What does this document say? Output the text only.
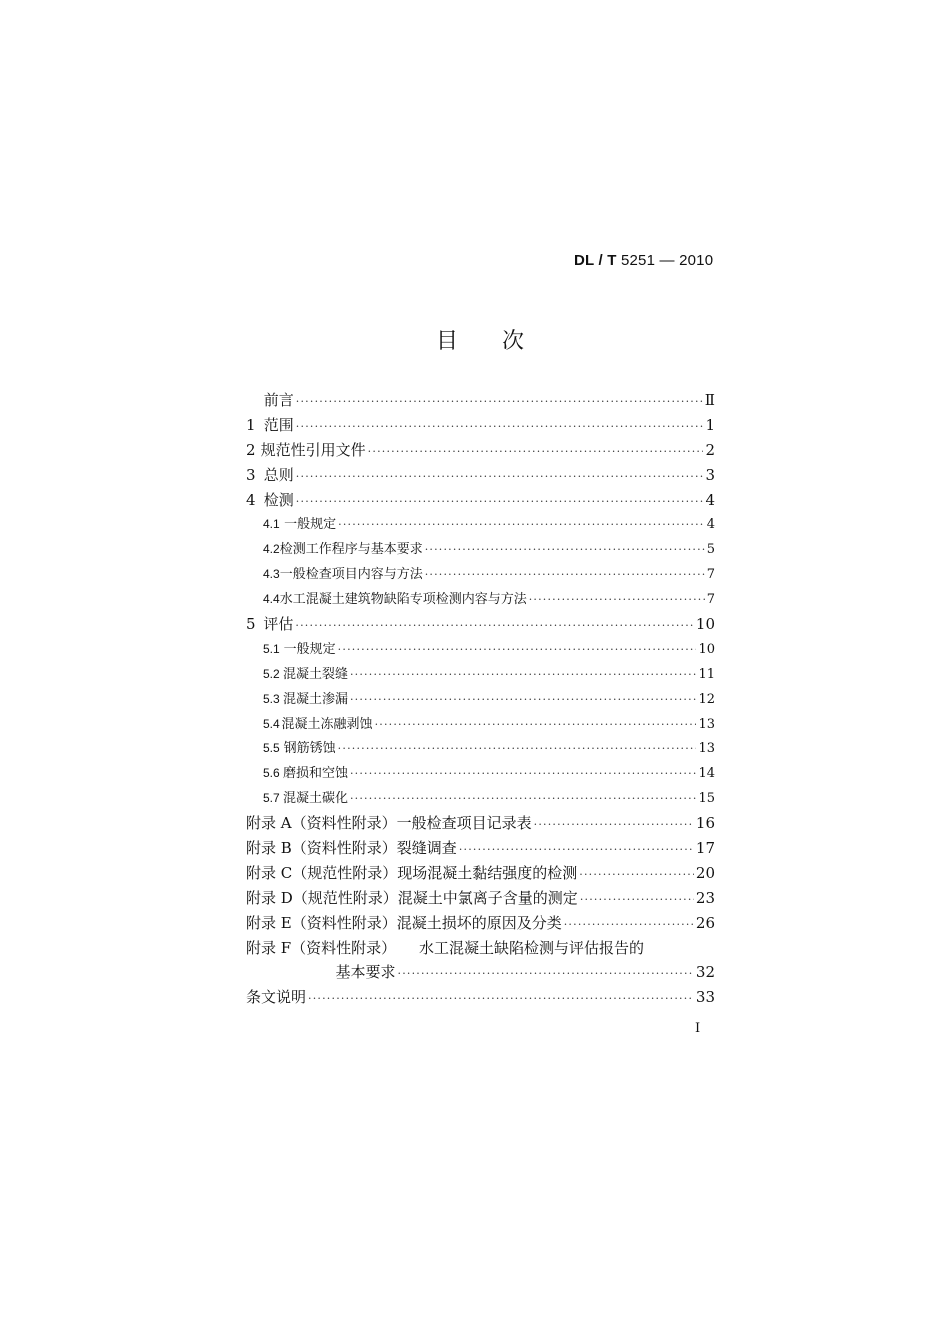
DL / T 5251 — 2010
目 次
前言 ·····	Ⅱ
1 范围 ·····	1
2 规范性引用文件 ·····	2
3 总则 ·····	3
4 检测 ·····	4
4.1 一般规定 ·····	4
4.2 检测工作程序与基本要求 ·····	5
4.3 一般检查项目内容与方法 ·····	7
4.4 水工混凝土建筑物缺陷专项检测内容与方法 ·····	7
5 评估 ·····	10
5.1 一般规定 ·····	10
5.2 混凝土裂缝 ·····	11
5.3 混凝土渗漏 ·····	12
5.4 混凝土冻融剥蚀 ·····	13
5.5 钢筋锈蚀 ·····	13
5.6 磨损和空蚀 ·····	14
5.7 混凝土碳化 ·····	15
附录 A（资料性附录） 一般检查项目记录表 ·····	16
附录 B（资料性附录） 裂缝调查 ·····	17
附录 C（规范性附录） 现场混凝土黏结强度的检测 ·····	20
附录 D（规范性附录） 混凝土中氯离子含量的测定 ·····	23
附录 E（资料性附录） 混凝土损坏的原因及分类 ·····	26
附录 F（资料性附录）	水工混凝土缺陷检测与评估报告的
基本要求 ·····	32
条文说明 ·····	33
I
